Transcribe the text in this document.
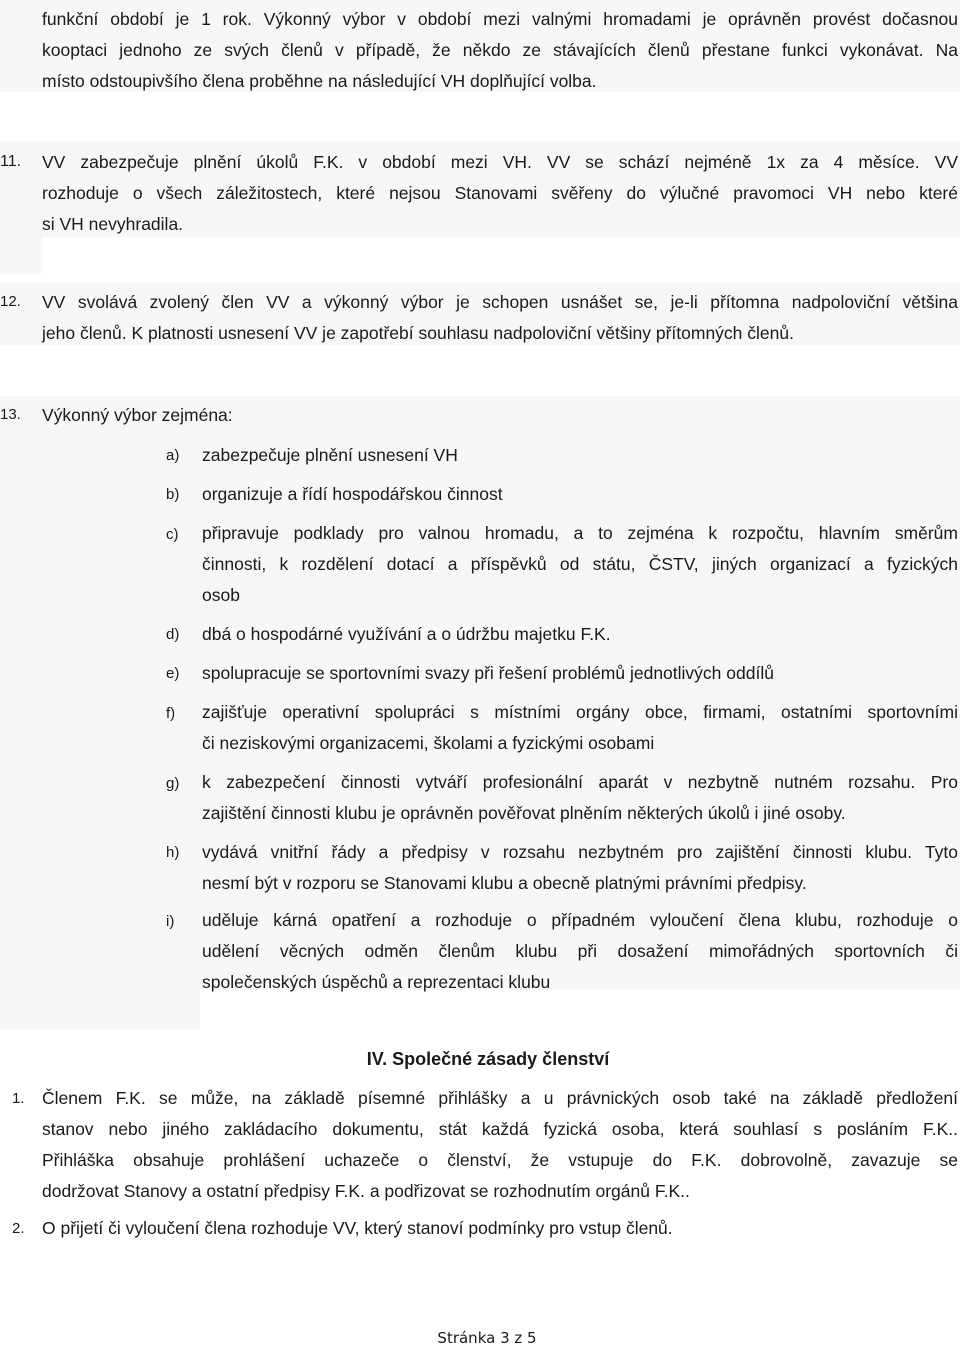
funkční období je 1 rok. Výkonný výbor v období mezi valnými hromadami je oprávněn provést dočasnou
kooptaci jednoho ze svých členů v případě, že někdo ze stávajících členů přestane funkci vykonávat. Na
místo odstoupivšího člena proběhne na následující VH doplňující volba.
11. VV zabezpečuje plnění úkolů F.K. v období mezi VH. VV se schází nejméně 1x za 4 měsíce. VV
rozhoduje o všech záležitostech, které nejsou Stanovami svěřeny do výlučné pravomoci VH nebo které
si VH nevyhradila.
12. VV svolává zvolený člen VV a výkonný výbor je schopen usnášet se, je-li přítomna nadpoloviční většina
jeho členů. K platnosti usnesení VV je zapotřebí souhlasu nadpoloviční většiny přítomných členů.
13. Výkonný výbor zejména:
a) zabezpečuje plnění usnesení VH
b) organizuje a řídí hospodářskou činnost
c) připravuje podklady pro valnou hromadu, a to zejména k rozpočtu, hlavním směrům
činnosti, k rozdělení dotací a příspěvků od státu, ČSTV, jiných organizací a fyzických
osob
d) dbá o hospodárné využívání a o údržbu majetku F.K.
e) spolupracuje se sportovními svazy při řešení problémů jednotlivých oddílů
f) zajišťuje operativní spolupráci s místními orgány obce, firmami, ostatními sportovními
či neziskovými organizacemi, školami a fyzickými osobami
g) k zabezpečení činnosti vytváří profesionální aparát v nezbytně nutném rozsahu. Pro
zajištění činnosti klubu je oprávněn pověřovat plněním některých úkolů i jiné osoby.
h) vydává vnitřní řády a předpisy v rozsahu nezbytném pro zajištění činnosti klubu. Tyto
nesmí být v rozporu se Stanovami klubu a obecně platnými právními předpisy.
i) uděluje kárná opatření a rozhoduje o případném vyloučení člena klubu, rozhoduje o
udělení věcných odměn členům klubu při dosažení mimořádných sportovních či
společenských úspěchů a reprezentaci klubu
IV. Společné zásady členství
1. Členem F.K. se může, na základě písemné přihlášky a u právnických osob také na základě předložení
stanov nebo jiného zakládacího dokumentu, stát každá fyzická osoba, která souhlasí s posláním F.K..
Přihláška obsahuje prohlášení uchazeče o členství, že vstupuje do F.K. dobrovolně, zavazuje se
dodržovat Stanovy a ostatní předpisy F.K. a podřizovat se rozhodnutím orgánů F.K..
2. O přijetí či vyloučení člena rozhoduje VV, který stanoví podmínky pro vstup členů.
Stránka 3 z 5
